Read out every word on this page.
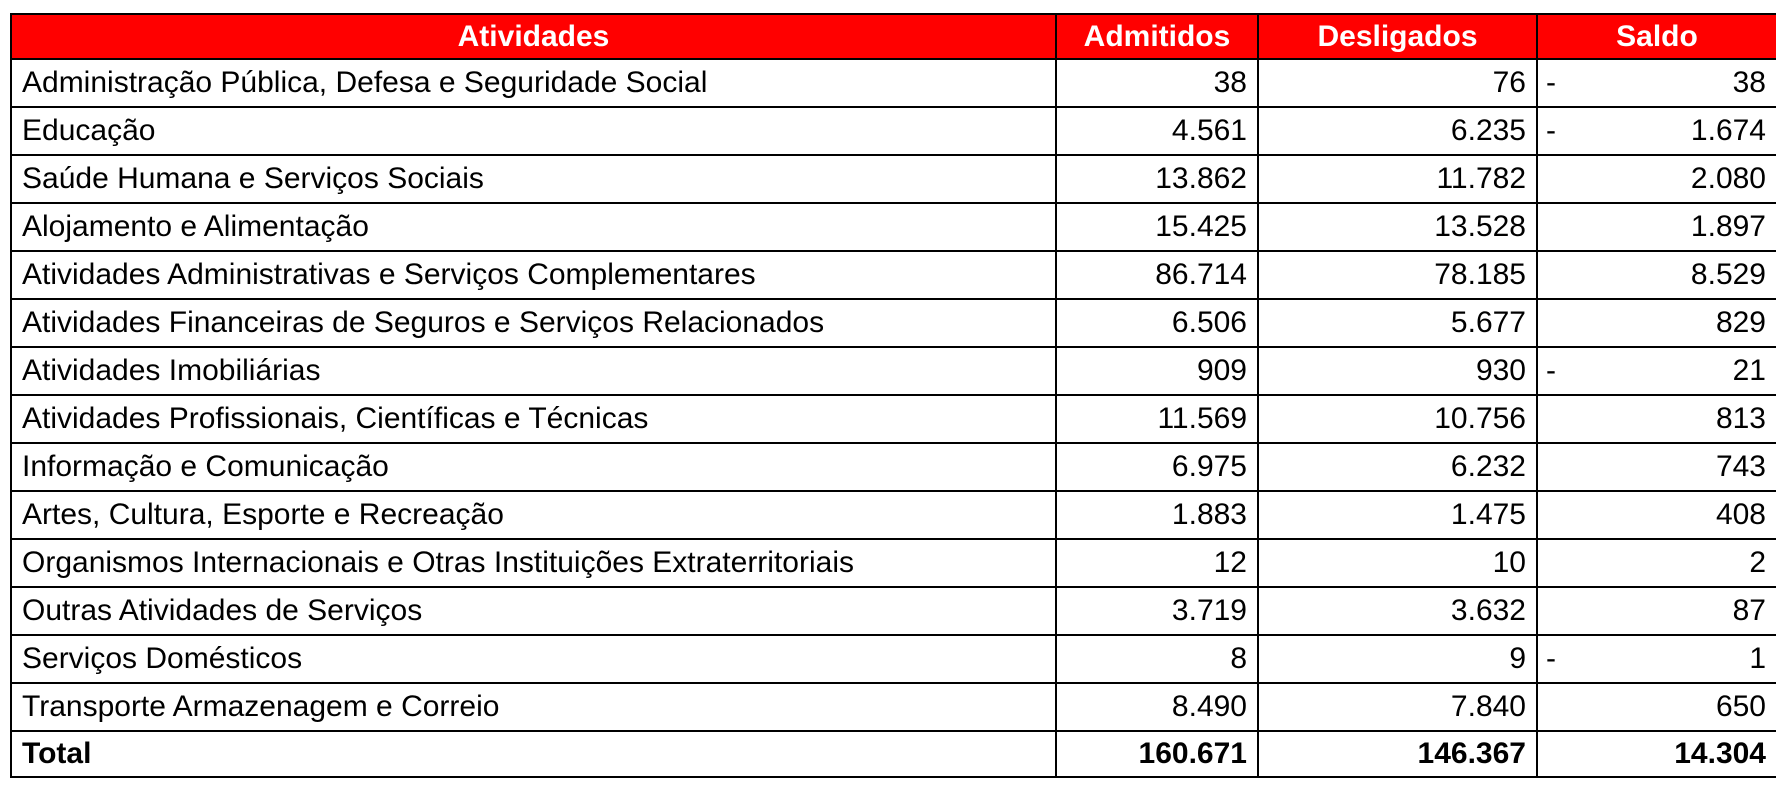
Atividades	Admitidos	Desligados	Saldo
Administração Pública, Defesa e Seguridade Social	38	76	- 38
Educação	4.561	6.235	- 1.674
Saúde Humana e Serviços Sociais	13.862	11.782	2.080
Alojamento e Alimentação	15.425	13.528	1.897
Atividades Administrativas e Serviços Complementares	86.714	78.185	8.529
Atividades Financeiras de Seguros e Serviços Relacionados	6.506	5.677	829
Atividades Imobiliárias	909	930	- 21
Atividades Profissionais, Científicas e Técnicas	11.569	10.756	813
Informação e Comunicação	6.975	6.232	743
Artes, Cultura, Esporte e Recreação	1.883	1.475	408
Organismos Internacionais e Otras Instituições Extraterritoriais	12	10	2
Outras Atividades de Serviços	3.719	3.632	87
Serviços Domésticos	8	9	- 1
Transporte Armazenagem e Correio	8.490	7.840	650
Total	160.671	146.367	14.304
